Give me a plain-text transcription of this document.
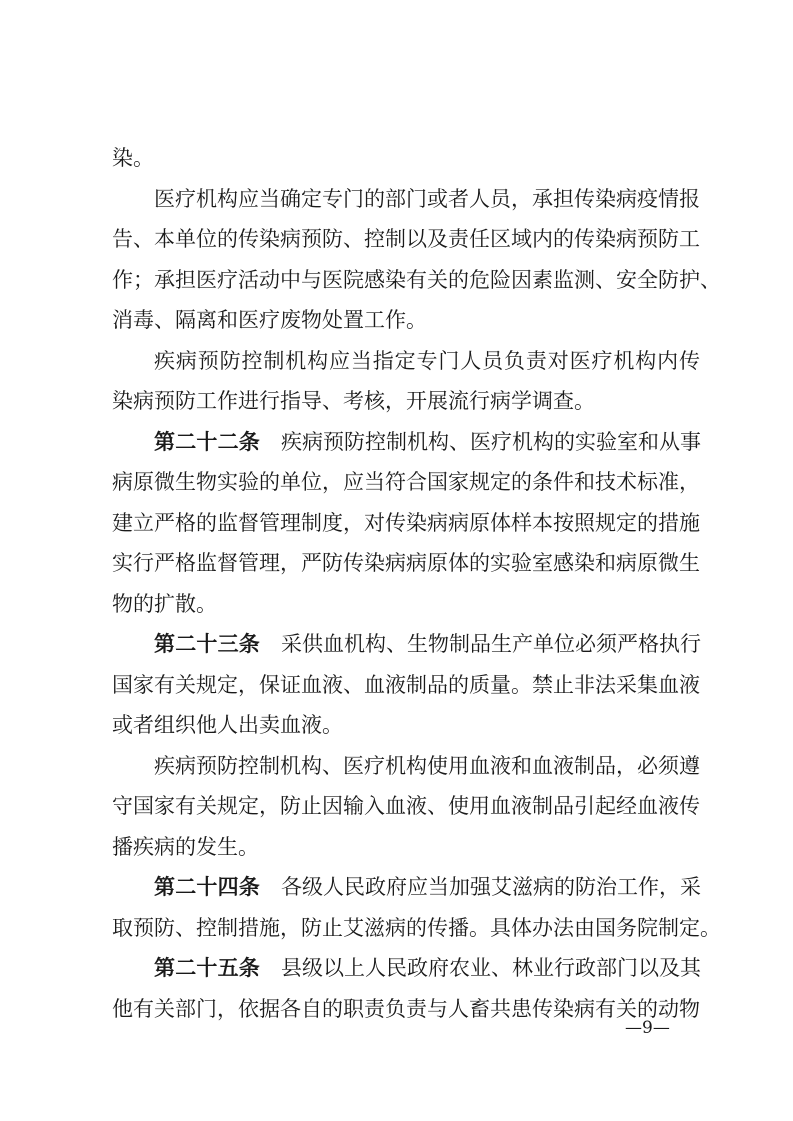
染。
医疗机构应当确定专门的部门或者人员，承担传染病疫情报
告、本单位的传染病预防、控制以及责任区域内的传染病预防工
作；承担医疗活动中与医院感染有关的危险因素监测、安全防护、
消毒、隔离和医疗废物处置工作。
疾病预防控制机构应当指定专门人员负责对医疗机构内传
染病预防工作进行指导、考核，开展流行病学调查。
第二十二条 疾病预防控制机构、医疗机构的实验室和从事
病原微生物实验的单位，应当符合国家规定的条件和技术标准，
建立严格的监督管理制度，对传染病病原体样本按照规定的措施
实行严格监督管理，严防传染病病原体的实验室感染和病原微生
物的扩散。
第二十三条 采供血机构、生物制品生产单位必须严格执行
国家有关规定，保证血液、血液制品的质量。禁止非法采集血液
或者组织他人出卖血液。
疾病预防控制机构、医疗机构使用血液和血液制品，必须遵
守国家有关规定，防止因输入血液、使用血液制品引起经血液传
播疾病的发生。
第二十四条 各级人民政府应当加强艾滋病的防治工作，采
取预防、控制措施，防止艾滋病的传播。具体办法由国务院制定。
第二十五条 县级以上人民政府农业、林业行政部门以及其
他有关部门，依据各自的职责负责与人畜共患传染病有关的动物
—9—
